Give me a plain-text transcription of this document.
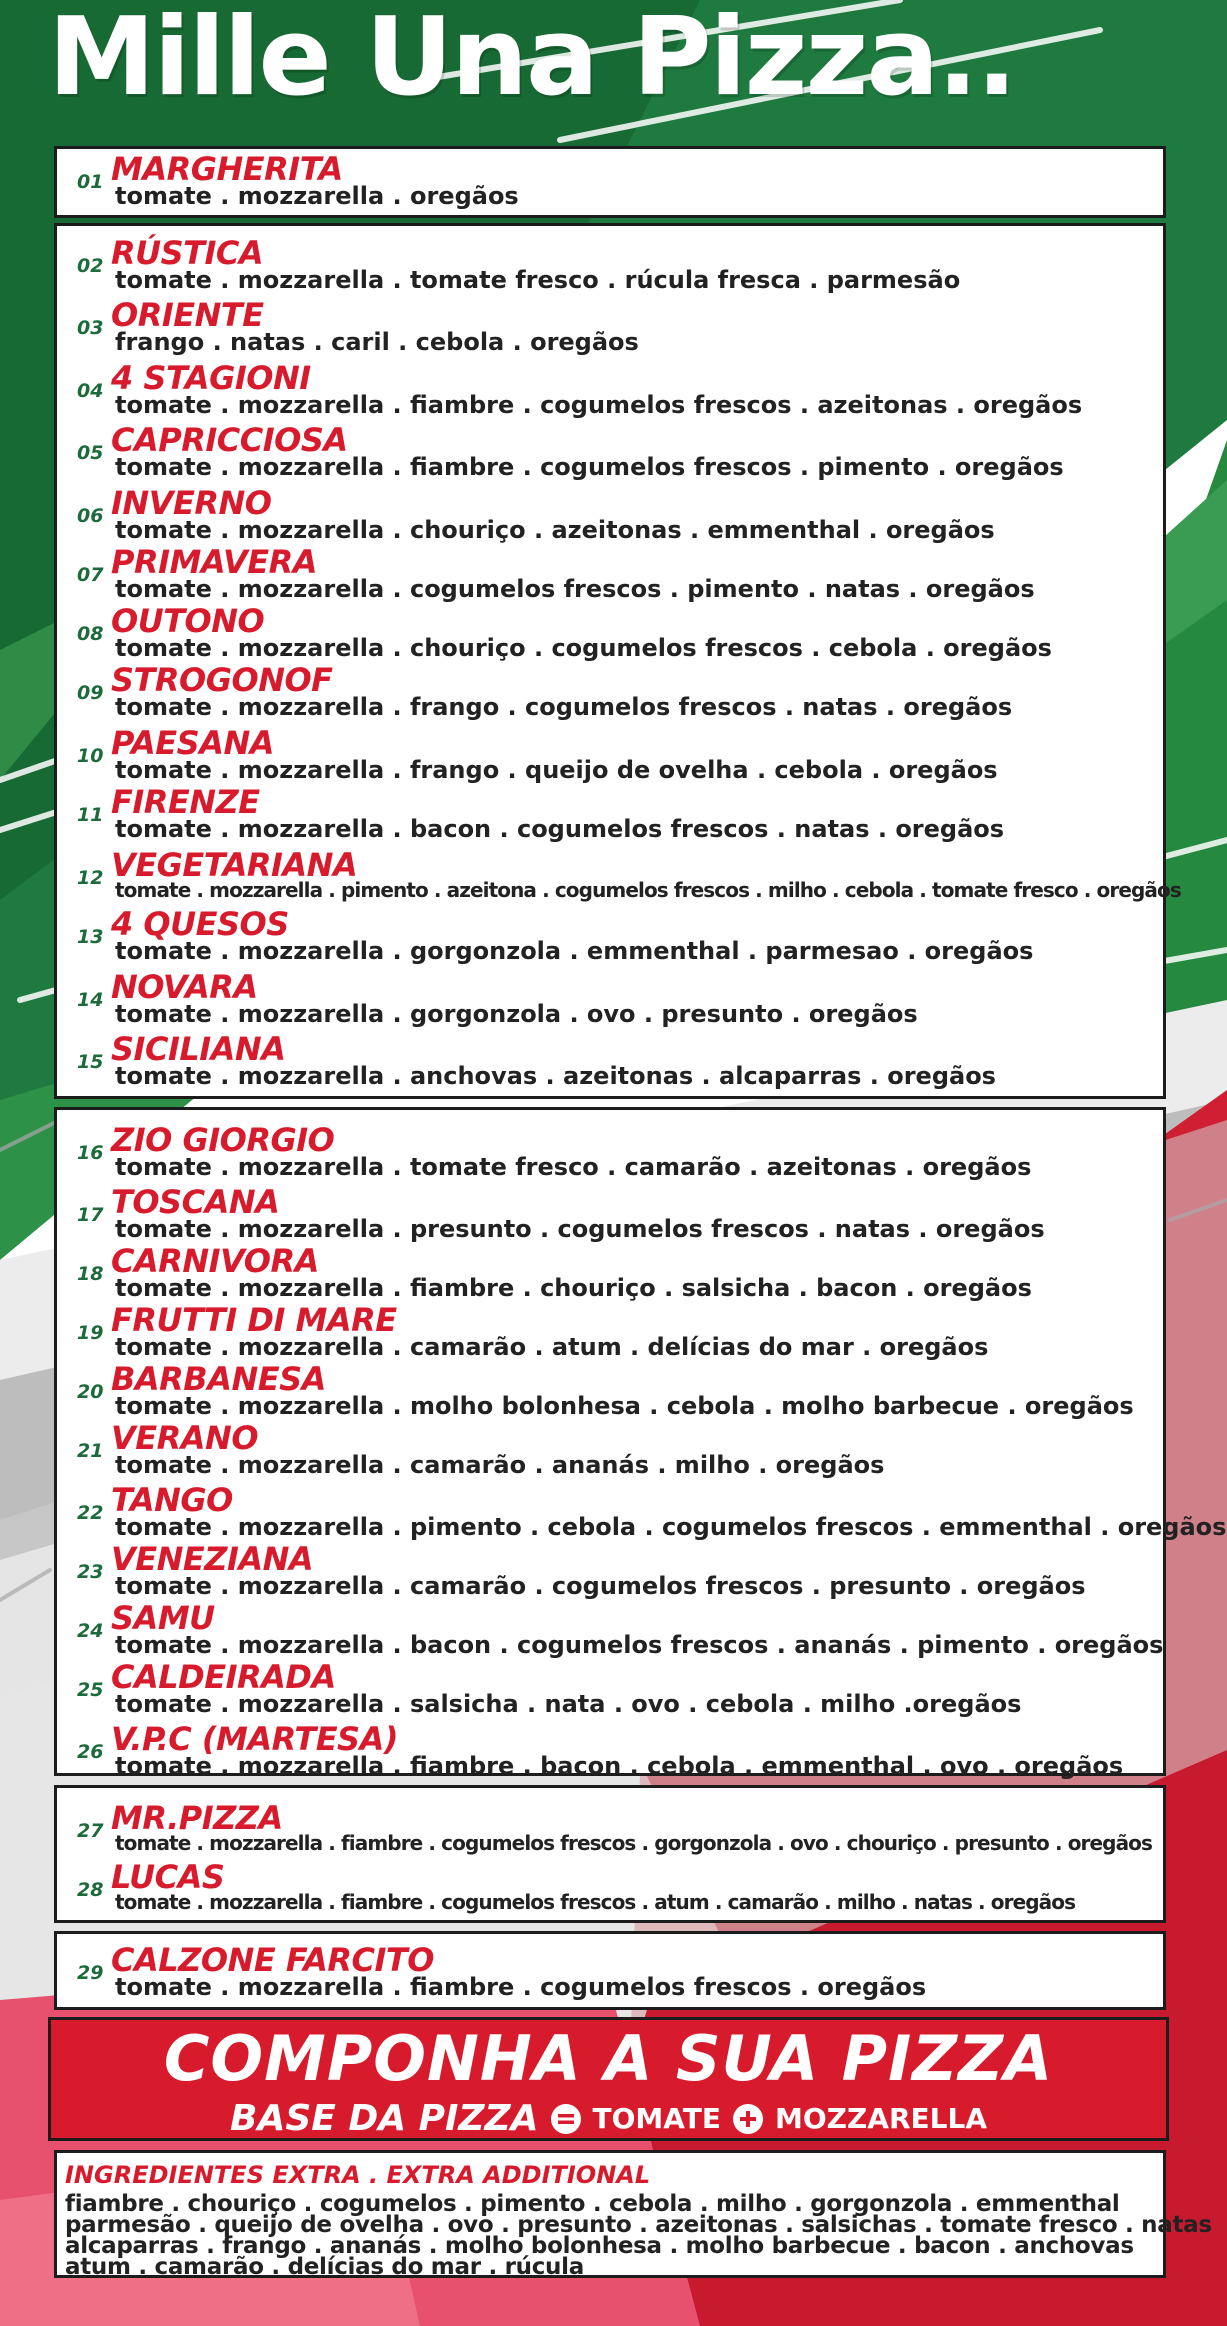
Mille Una Pizza..
01 MARGHERITA
tomate . mozzarella . oregãos
02 RÚSTICA
tomate . mozzarella . tomate fresco . rúcula fresca . parmesão
03 ORIENTE
frango . natas . caril . cebola . oregãos
04 4 STAGIONI
tomate . mozzarella . fiambre . cogumelos frescos . azeitonas . oregãos
05 CAPRICCIOSA
tomate . mozzarella . fiambre . cogumelos frescos . pimento . oregãos
06 INVERNO
tomate . mozzarella . chouriço . azeitonas . emmenthal . oregãos
07 PRIMAVERA
tomate . mozzarella . cogumelos frescos . pimento . natas . oregãos
08 OUTONO
tomate . mozzarella . chouriço . cogumelos frescos . cebola . oregãos
09 STROGONOF
tomate . mozzarella . frango . cogumelos frescos . natas . oregãos
10 PAESANA
tomate . mozzarella . frango . queijo de ovelha . cebola . oregãos
11 FIRENZE
tomate . mozzarella . bacon . cogumelos frescos . natas . oregãos
12 VEGETARIANA
tomate . mozzarella . pimento . azeitona . cogumelos frescos . milho . cebola . tomate fresco . oregãos
13 4 QUESOS
tomate . mozzarella . gorgonzola . emmenthal . parmesao . oregãos
14 NOVARA
tomate . mozzarella . gorgonzola . ovo . presunto . oregãos
15 SICILIANA
tomate . mozzarella . anchovas . azeitonas . alcaparras . oregãos
16 ZIO GIORGIO
tomate . mozzarella . tomate fresco . camarão . azeitonas . oregãos
17 TOSCANA
tomate . mozzarella . presunto . cogumelos frescos . natas . oregãos
18 CARNIVORA
tomate . mozzarella . fiambre . chouriço . salsicha . bacon . oregãos
19 FRUTTI DI MARE
tomate . mozzarella . camarão . atum . delícias do mar . oregãos
20 BARBANESA
tomate . mozzarella . molho bolonhesa . cebola . molho barbecue . oregãos
21 VERANO
tomate . mozzarella . camarão . ananás . milho . oregãos
22 TANGO
tomate . mozzarella . pimento . cebola . cogumelos frescos . emmenthal . oregãos
23 VENEZIANA
tomate . mozzarella . camarão . cogumelos frescos . presunto . oregãos
24 SAMU
tomate . mozzarella . bacon . cogumelos frescos . ananás . pimento . oregãos
25 CALDEIRADA
tomate . mozzarella . salsicha . nata . ovo . cebola . milho .oregãos
26 V.P.C (MARTESA)
tomate . mozzarella . fiambre . bacon . cebola . emmenthal . ovo . oregãos
27 MR.PIZZA
tomate . mozzarella . fiambre . cogumelos frescos . gorgonzola . ovo . chouriço . presunto . oregãos
28 LUCAS
tomate . mozzarella . fiambre . cogumelos frescos . atum . camarão . milho . natas . oregãos
29 CALZONE FARCITO
tomate . mozzarella . fiambre . cogumelos frescos . oregãos
COMPONHA A SUA PIZZA
BASE DA PIZZA TOMATE MOZZARELLA
INGREDIENTES EXTRA . EXTRA ADDITIONAL
fiambre . chouriço . cogumelos . pimento . cebola . milho . gorgonzola . emmenthal
parmesão . queijo de ovelha . ovo . presunto . azeitonas . salsichas . tomate fresco . natas
alcaparras . frango . ananás . molho bolonhesa . molho barbecue . bacon . anchovas
atum . camarão . delícias do mar . rúcula
